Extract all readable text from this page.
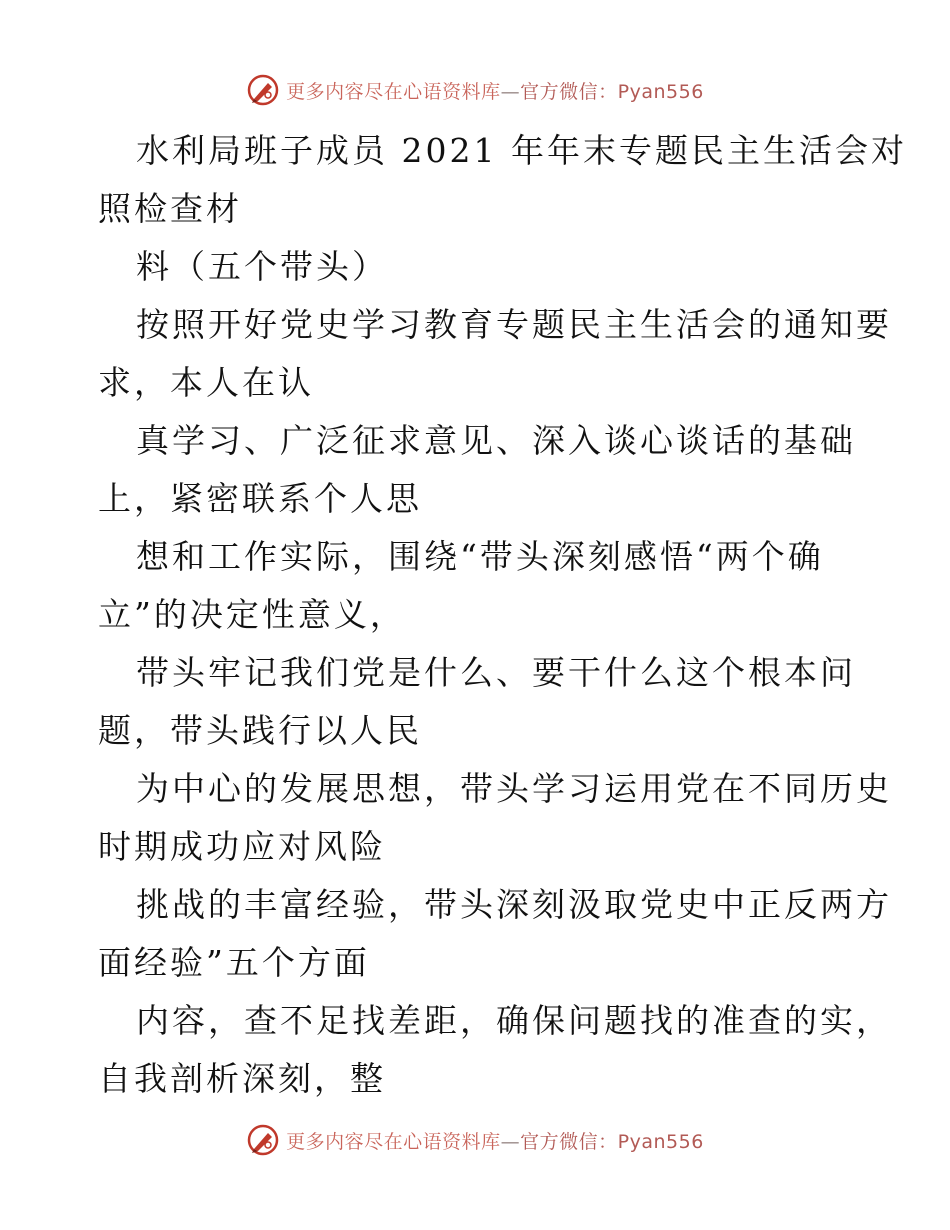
更多内容尽在心语资料库—官方微信：Pyan556
水利局班子成员 2021 年年末专题民主生活会对
照检查材
料（五个带头）
按照开好党史学习教育专题民主生活会的通知要
求，本人在认
真学习、广泛征求意见、深入谈心谈话的基础
上，紧密联系个人思
想和工作实际，围绕“带头深刻感悟“两个确
立”的决定性意义，
带头牢记我们党是什么、要干什么这个根本问
题，带头践行以人民
为中心的发展思想，带头学习运用党在不同历史
时期成功应对风险
挑战的丰富经验，带头深刻汲取党史中正反两方
面经验”五个方面
内容，查不足找差距，确保问题找的准查的实，
自我剖析深刻，整
更多内容尽在心语资料库—官方微信：Pyan556
